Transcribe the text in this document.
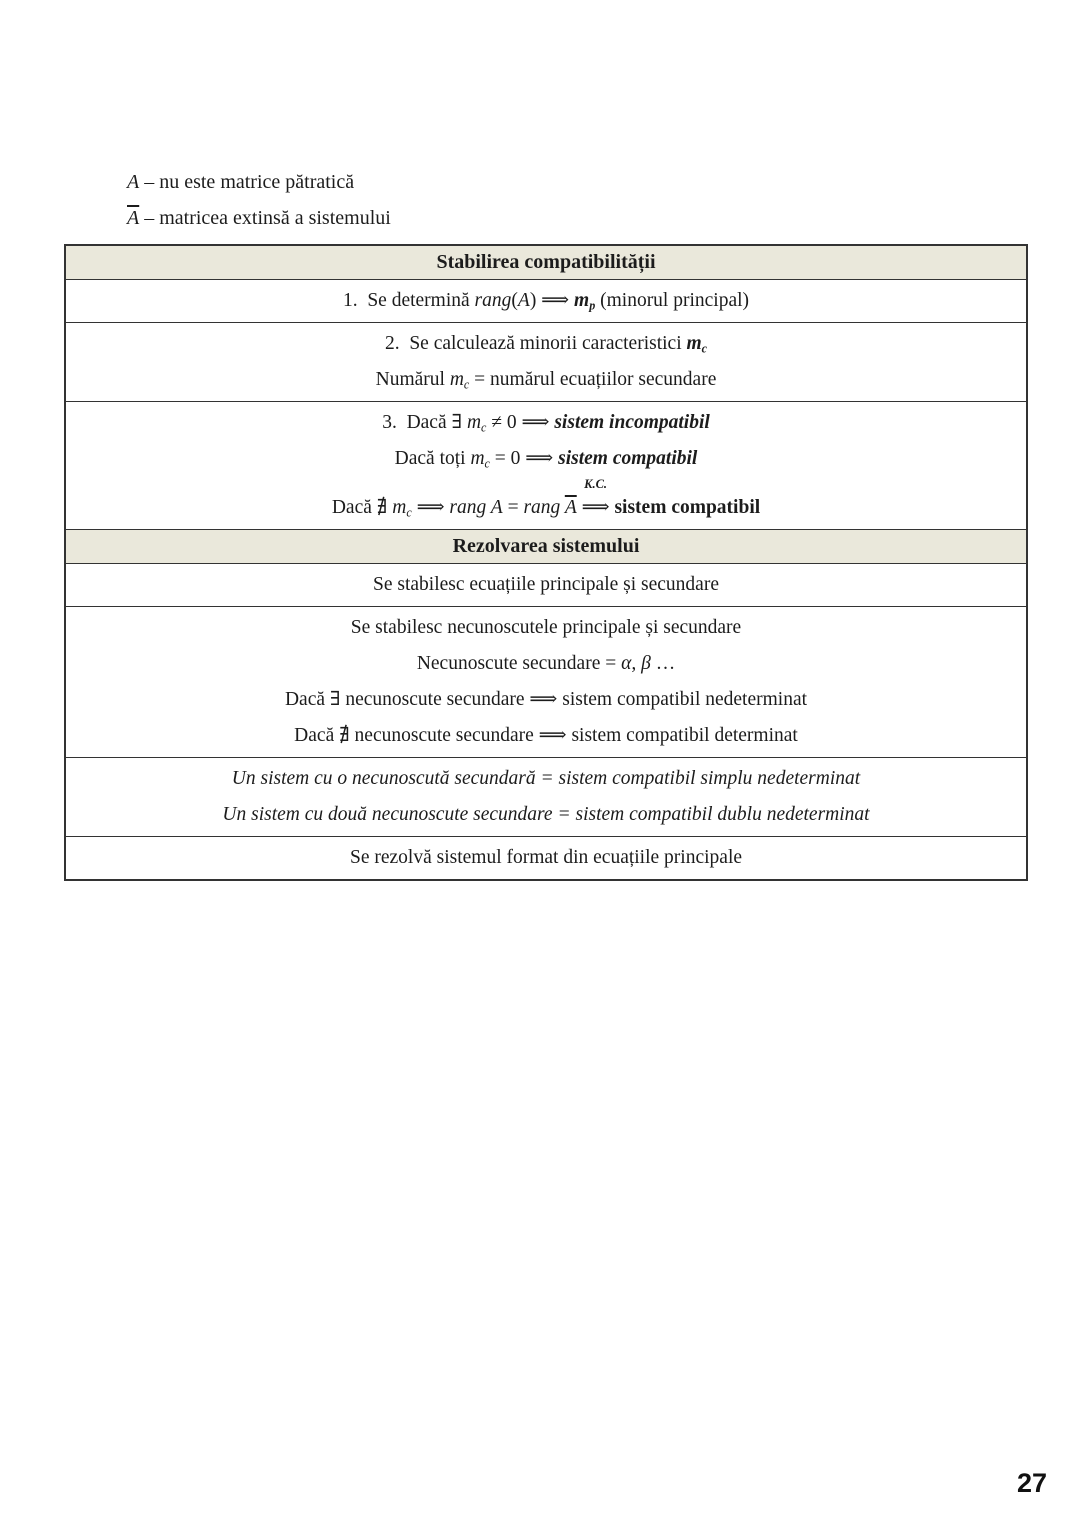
A – nu este matrice pătratică
$\overline{A}$ – matricea extinsă a sistemului
Stabilirea compatibilității
1.  Se determină rang(A) ⟹ $m_p$ (minorul principal)
2.  Se calculează minorii caracteristici $m_c$
Numărul $m_c$ = numărul ecuațiilor secundare
3.  Dacă ∃ $m_c \ne 0$ ⟹ sistem incompatibil
Dacă toți $m_c = 0$ ⟹ sistem compatibil
Dacă ∄ $m_c$ ⟹ rang A = rang $\overline{A}$
K.C.
⟹ sistem compatibil
Rezolvarea sistemului
Se stabilesc ecuațiile principale și secundare
Se stabilesc necunoscutele principale și secundare
Necunoscute secundare = α, β …
Dacă ∃ necunoscute secundare ⟹ sistem compatibil nedeterminat
Dacă ∄ necunoscute secundare ⟹ sistem compatibil determinat
Un sistem cu o necunoscută secundară = sistem compatibil simplu nedeterminat
Un sistem cu două necunoscute secundare = sistem compatibil dublu nedeterminat
Se rezolvă sistemul format din ecuațiile principale
27
